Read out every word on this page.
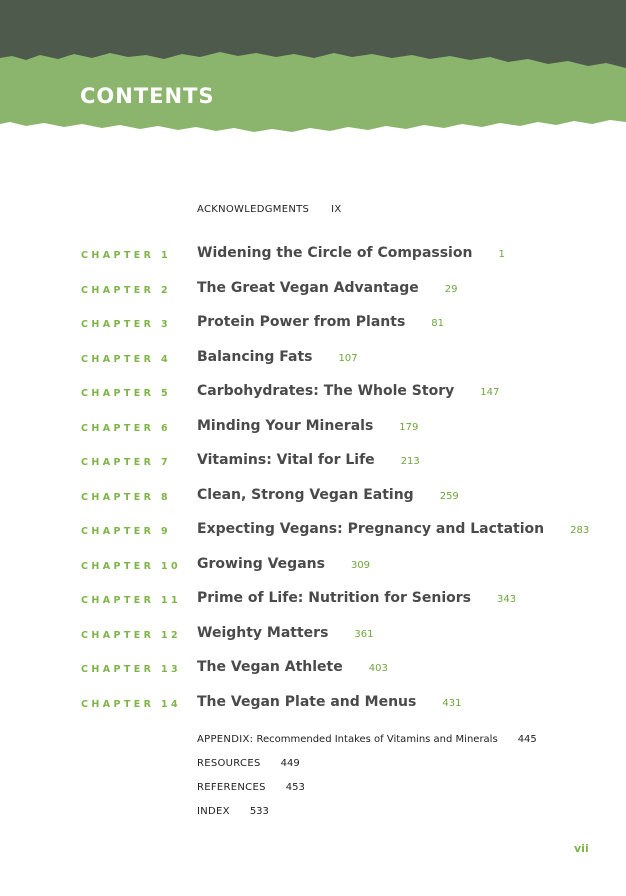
CONTENTS
ACKNOWLEDGMENTS IX
CHAPTER 1 Widening the Circle of Compassion	1
CHAPTER 2 The Great Vegan Advantage	29
CHAPTER 3 Protein Power from Plants	81
CHAPTER 4 Balancing Fats	107
CHAPTER 5 Carbohydrates: The Whole Story	147
CHAPTER 6 Minding Your Minerals	179
CHAPTER 7 Vitamins: Vital for Life	213
CHAPTER 8 Clean, Strong Vegan Eating	259
CHAPTER 9 Expecting Vegans: Pregnancy and Lactation	283
CHAPTER 10 Growing Vegans	309
CHAPTER 11 Prime of Life: Nutrition for Seniors	343
CHAPTER 12 Weighty Matters	361
CHAPTER 13 The Vegan Athlete	403
CHAPTER 14 The Vegan Plate and Menus	431
APPENDIX: Recommended Intakes of Vitamins and Minerals 445
RESOURCES 449
REFERENCES 453
INDEX 533
vii
